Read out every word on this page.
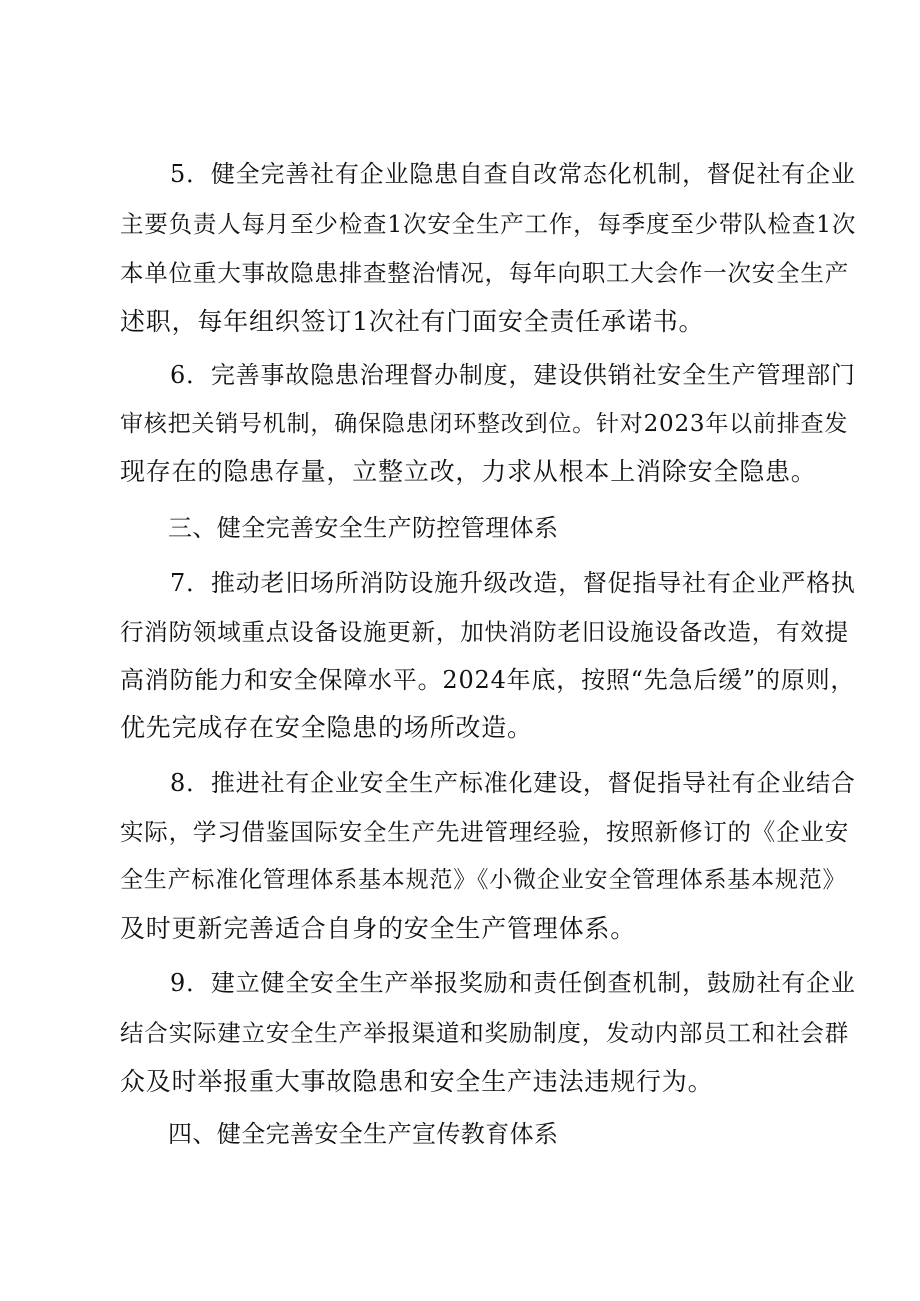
5．健全完善社有企业隐患自查自改常态化机制，督促社有企业
主要负责人每月至少检查1次安全生产工作，每季度至少带队检查1次
本单位重大事故隐患排查整治情况，每年向职工大会作一次安全生产
述职，每年组织签订1次社有门面安全责任承诺书。
6．完善事故隐患治理督办制度，建设供销社安全生产管理部门
审核把关销号机制，确保隐患闭环整改到位。针对2023年以前排查发
现存在的隐患存量，立整立改，力求从根本上消除安全隐患。
三、健全完善安全生产防控管理体系
7．推动老旧场所消防设施升级改造，督促指导社有企业严格执
行消防领域重点设备设施更新，加快消防老旧设施设备改造，有效提
高消防能力和安全保障水平。2024年底，按照“先急后缓”的原则，
优先完成存在安全隐患的场所改造。
8．推进社有企业安全生产标准化建设，督促指导社有企业结合
实际，学习借鉴国际安全生产先进管理经验，按照新修订的《企业安
全生产标准化管理体系基本规范》《小微企业安全管理体系基本规范》
及时更新完善适合自身的安全生产管理体系。
9．建立健全安全生产举报奖励和责任倒查机制，鼓励社有企业
结合实际建立安全生产举报渠道和奖励制度，发动内部员工和社会群
众及时举报重大事故隐患和安全生产违法违规行为。
四、健全完善安全生产宣传教育体系
